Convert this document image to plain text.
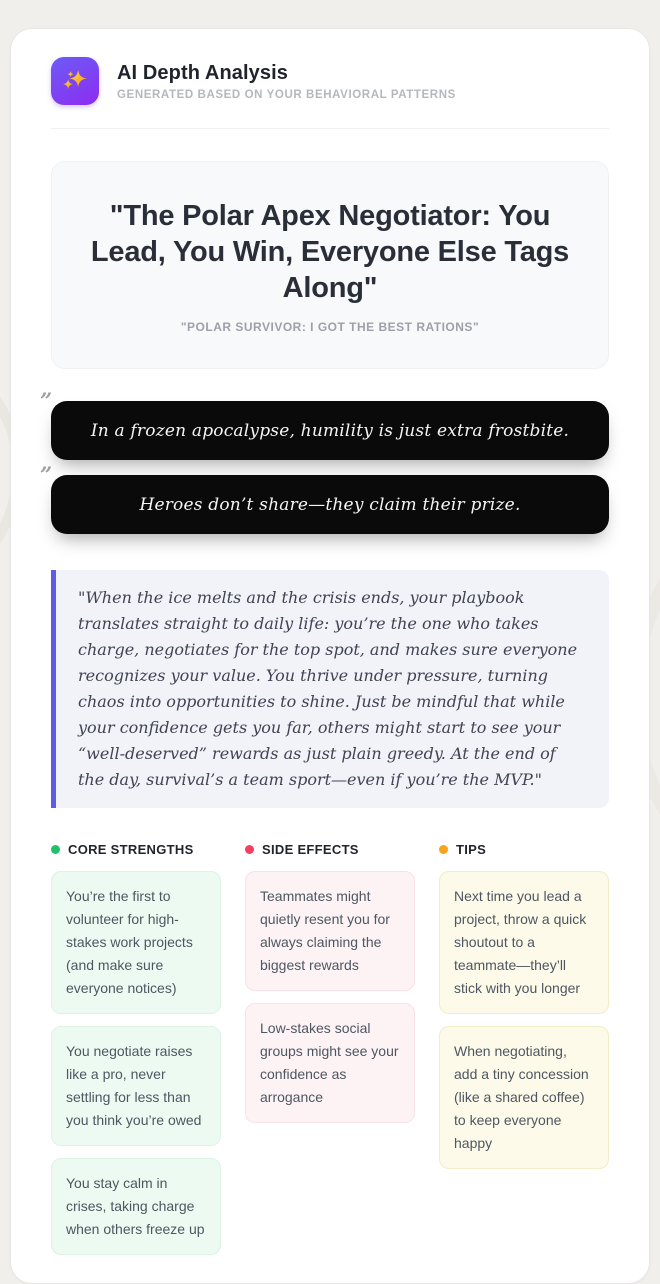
AI Depth Analysis
GENERATED BASED ON YOUR BEHAVIORAL PATTERNS
"The Polar Apex Negotiator: You Lead, You Win, Everyone Else Tags Along"
"POLAR SURVIVOR: I GOT THE BEST RATIONS"
”
In a frozen apocalypse, humility is just extra frostbite.
”
Heroes don’t share—they claim their prize.

"When the ice melts and the crisis ends, your playbook translates straight to daily life: you’re the one who takes charge, negotiates for the top spot, and makes sure everyone recognizes your value. You thrive under pressure, turning chaos into opportunities to shine. Just be mindful that while your confidence gets you far, others might start to see your “well-deserved” rewards as just plain greedy. At the end of the day, survival’s a team sport—even if you’re the MVP."

CORE STRENGTHS
You’re the first to volunteer for high-stakes work projects (and make sure everyone notices)
You negotiate raises like a pro, never settling for less than you think you’re owed
You stay calm in crises, taking charge when others freeze up
SIDE EFFECTS
Teammates might quietly resent you for always claiming the biggest rewards
Low-stakes social groups might see your confidence as arrogance
TIPS
Next time you lead a project, throw a quick shoutout to a teammate—they’ll stick with you longer
When negotiating, add a tiny concession (like a shared coffee) to keep everyone happy
